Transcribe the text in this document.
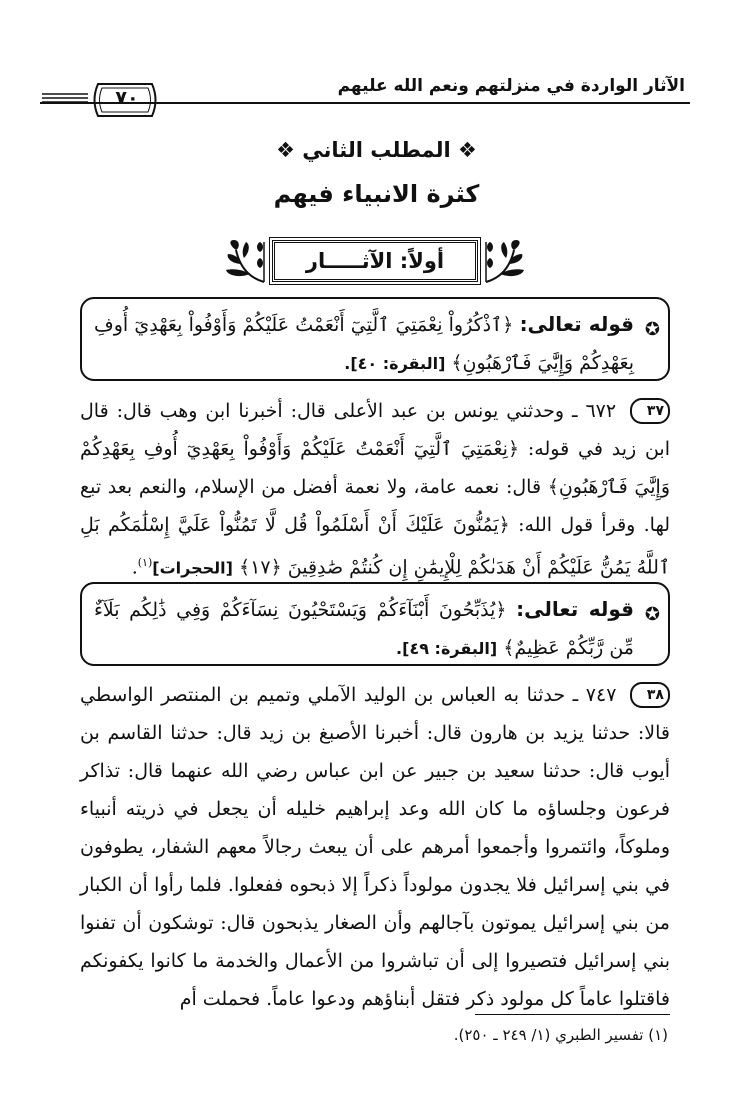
الآثار الواردة في منزلتهم ونعم الله عليهم
٧٠
❖ المطلب الثاني ❖
كثرة الانبياء فيهم
أولاً: الآثـــــار
✪
قوله تعالى: ﴿ٱذْكُرُواْ نِعْمَتِيَ ٱلَّتِيٓ أَنْعَمْتُ عَلَيْكُمْ وَأَوْفُواْ بِعَهْدِيٓ أُوفِ بِعَهْدِكُمْ وَإِيَّٰيَ فَٱرْهَبُونِ﴾ [البقرة: ٤٠].
٣٧ ٦٧٢ ـ وحدثني يونس بن عبد الأعلى قال: أخبرنا ابن وهب قال: قال ابن زيد في قوله: ﴿نِعْمَتِيَ ٱلَّتِيٓ أَنْعَمْتُ عَلَيْكُمْ وَأَوْفُواْ بِعَهْدِيٓ أُوفِ بِعَهْدِكُمْ وَإِيَّٰيَ فَٱرْهَبُونِ﴾ قال: نعمه عامة، ولا نعمة أفضل من الإسلام، والنعم بعد تبع لها. وقرأ قول الله: ﴿يَمُنُّونَ عَلَيْكَ أَنْ أَسْلَمُواْ قُل لَّا تَمُنُّواْ عَلَيَّ إِسْلَٰمَكُم بَلِ ٱللَّهُ يَمُنُّ عَلَيْكُمْ أَنْ هَدَىٰكُمْ لِلْإِيمَٰنِ إِن كُنتُمْ صَٰدِقِينَ ﴿١٧﴾ [الحجرات]$^{(١)}$.
✪
قوله تعالى: ﴿يُذَبِّحُونَ أَبْنَآءَكُمْ وَيَسْتَحْيُونَ نِسَآءَكُمْ وَفِي ذَٰلِكُم بَلَآءٌ مِّن رَّبِّكُمْ عَظِيمٌ﴾ [البقرة: ٤٩].
٣٨ ٧٤٧ ـ حدثنا به العباس بن الوليد الآملي وتميم بن المنتصر الواسطي قالا: حدثنا يزيد بن هارون قال: أخبرنا الأصبغ بن زيد قال: حدثنا القاسم بن أيوب قال: حدثنا سعيد بن جبير عن ابن عباس رضي الله عنهما قال: تذاكر فرعون وجلساؤه ما كان الله وعد إبراهيم خليله أن يجعل في ذريته أنبياء وملوكاً، وائتمروا وأجمعوا أمرهم على أن يبعث رجالاً معهم الشفار، يطوفون في بني إسرائيل فلا يجدون مولوداً ذكراً إلا ذبحوه ففعلوا. فلما رأوا أن الكبار من بني إسرائيل يموتون بآجالهم وأن الصغار يذبحون قال: توشكون أن تفنوا بني إسرائيل فتصيروا إلى أن تباشروا من الأعمال والخدمة ما كانوا يكفونكم فاقتلوا عاماً كل مولود ذكر فتقل أبناؤهم ودعوا عاماً. فحملت أم
(١) تفسير الطبري (١/ ٢٤٩ ـ ٢٥٠).
